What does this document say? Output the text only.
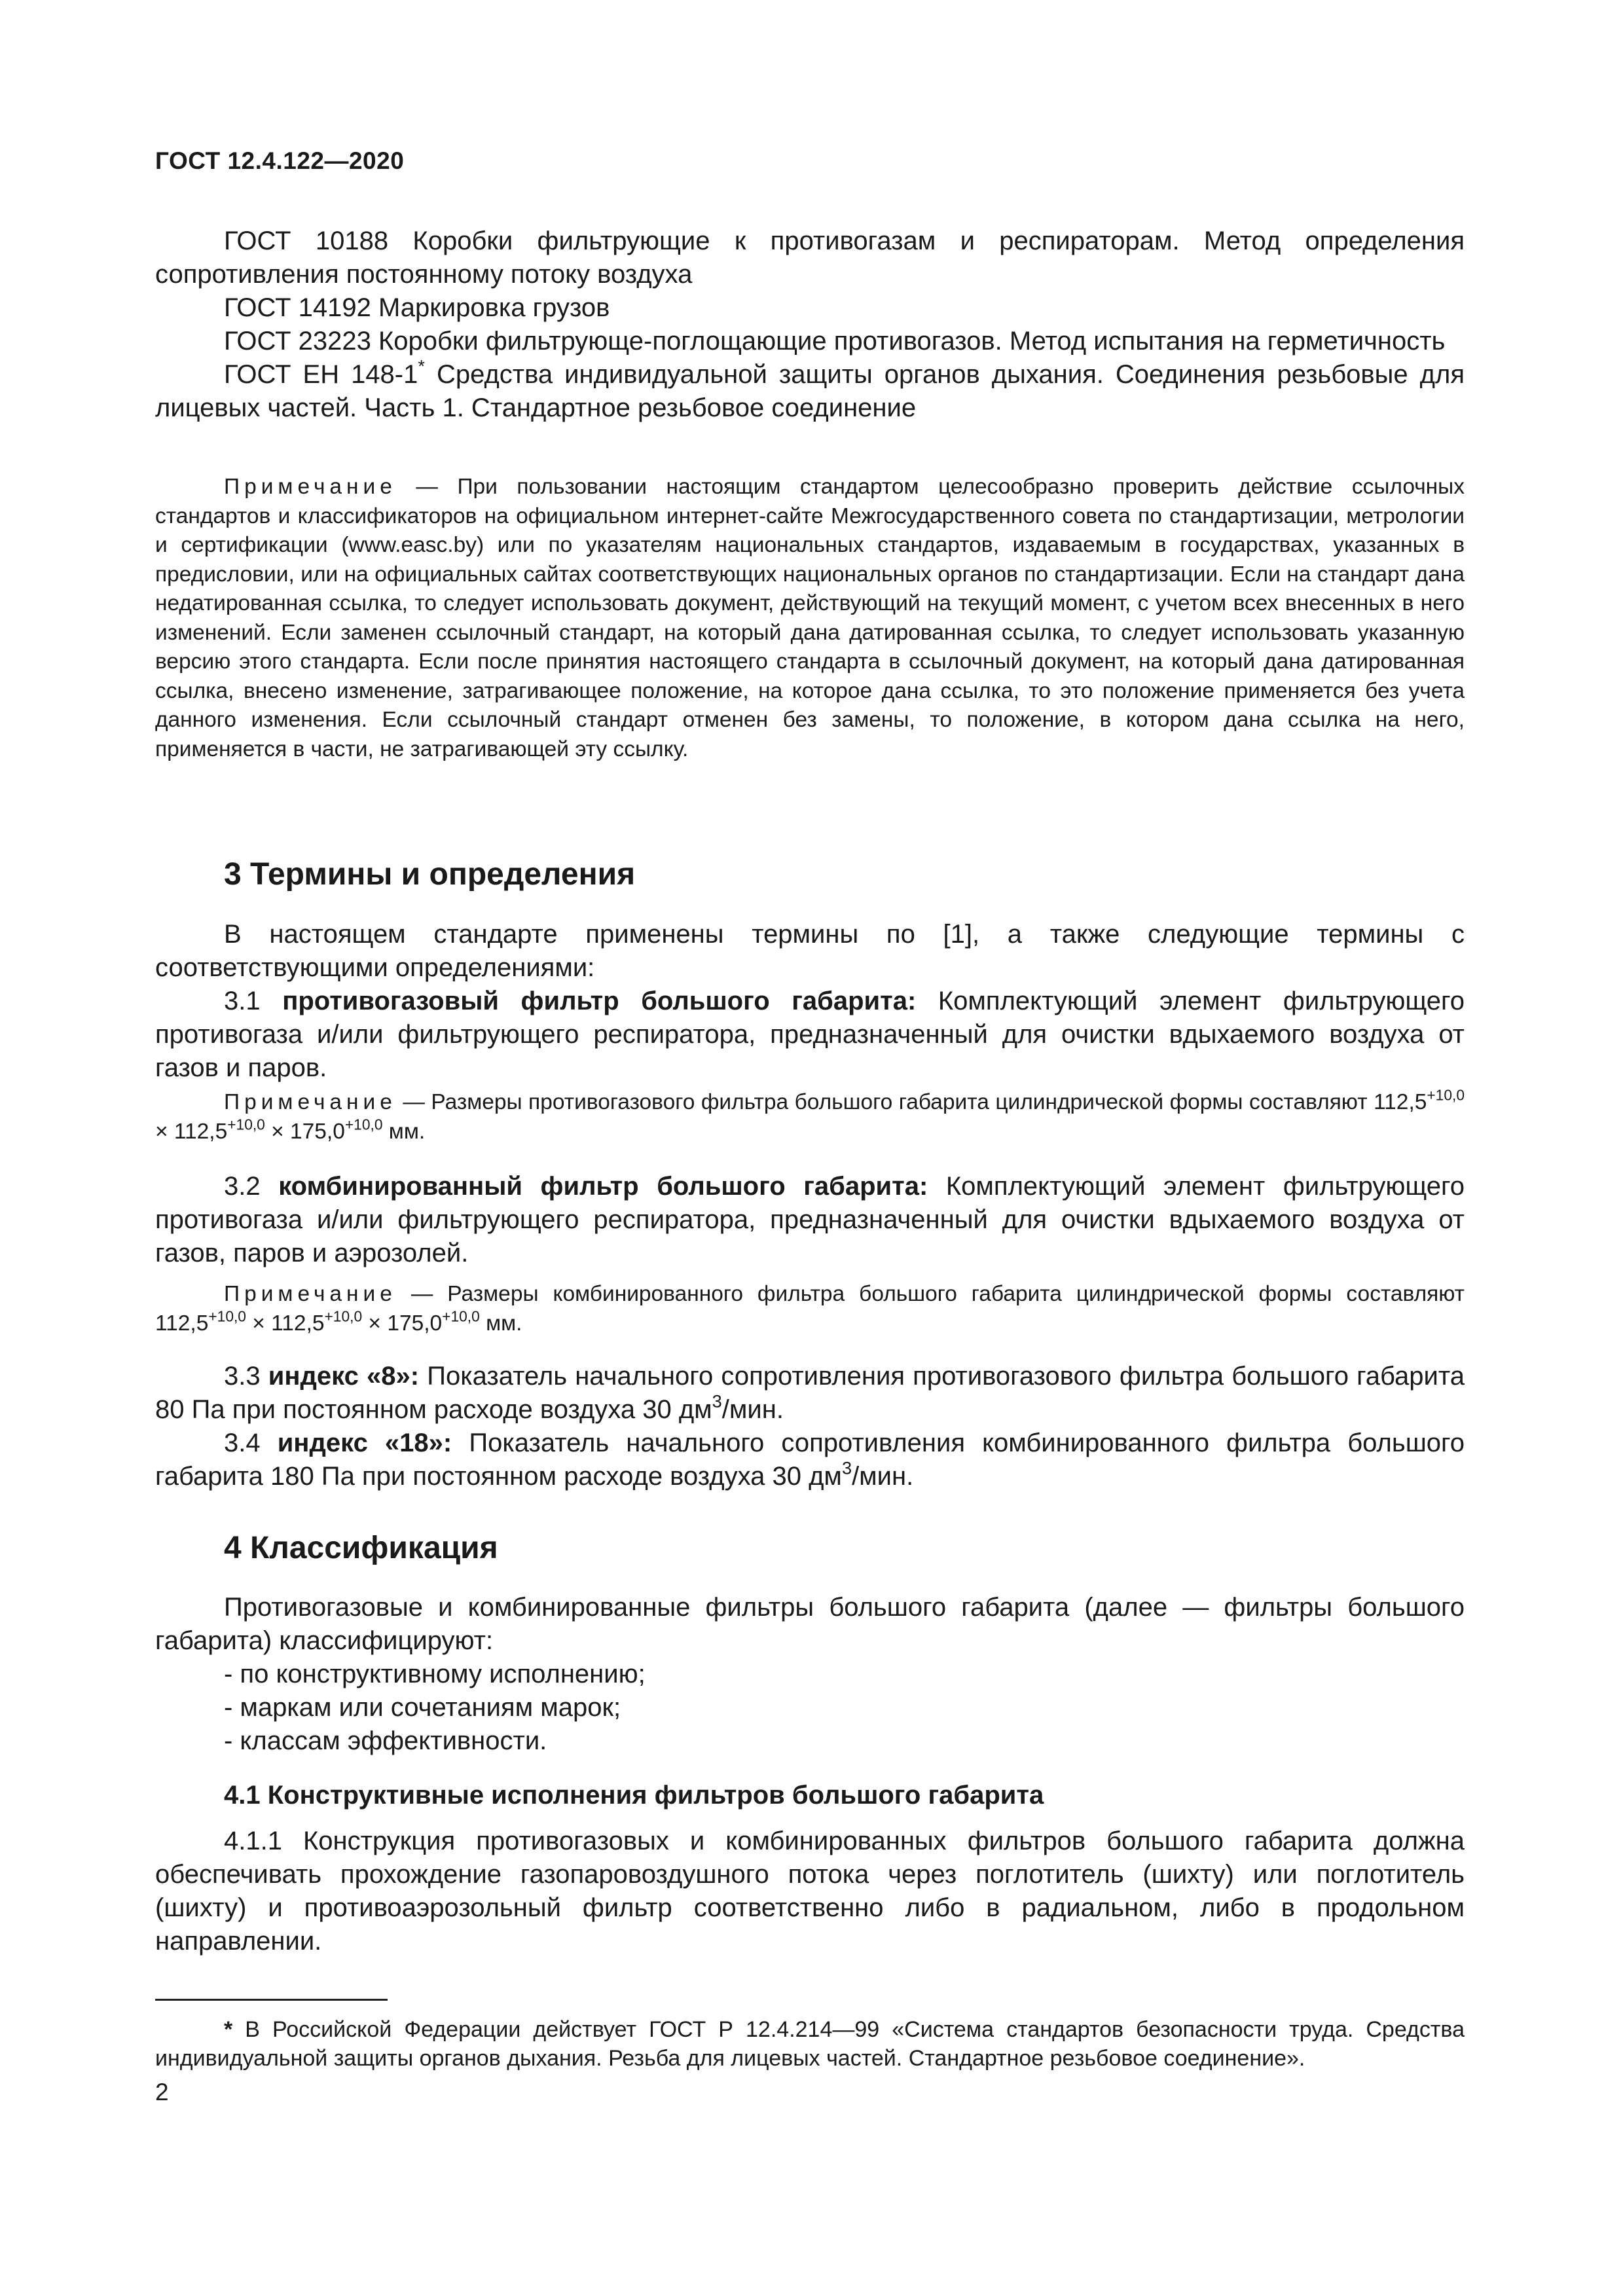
ГОСТ 12.4.122—2020

ГОСТ 10188 Коробки фильтрующие к противогазам и респираторам. Метод определения сопротивления постоянному потоку воздуха

ГОСТ 14192 Маркировка грузов

ГОСТ 23223 Коробки фильтрующе-поглощающие противогазов. Метод испытания на герметичность

ГОСТ EH 148-1* Средства индивидуальной защиты органов дыхания. Соединения резьбовые для лицевых частей. Часть 1. Стандартное резьбовое соединение

Примечание — При пользовании настоящим стандартом целесообразно проверить действие ссылочных стандартов и классификаторов на официальном интернет-сайте Межгосударственного совета по стандартизации, метрологии и сертификации (www.easc.by) или по указателям национальных стандартов, издаваемым в государствах, указанных в предисловии, или на официальных сайтах соответствующих национальных органов по стандартизации. Если на стандарт дана недатированная ссылка, то следует использовать документ, действующий на текущий момент, с учетом всех внесенных в него изменений. Если заменен ссылочный стандарт, на который дана датированная ссылка, то следует использовать указанную версию этого стандарта. Если после принятия настоящего стандарта в ссылочный документ, на который дана датированная ссылка, внесено изменение, затрагивающее положение, на которое дана ссылка, то это положение применяется без учета данного изменения. Если ссылочный стандарт отменен без замены, то положение, в котором дана ссылка на него, применяется в части, не затрагивающей эту ссылку.

3 Термины и определения

В настоящем стандарте применены термины по [1], а также следующие термины с соответствующими определениями:

3.1 противогазовый фильтр большого габарита: Комплектующий элемент фильтрующего противогаза и/или фильтрующего респиратора, предназначенный для очистки вдыхаемого воздуха от газов и паров.

Примечание — Размеры противогазового фильтра большого габарита цилиндрической формы составляют $112,5^{+10,0} \times 112,5^{+10,0} \times 175,0^{+10,0}$ мм.

3.2 комбинированный фильтр большого габарита: Комплектующий элемент фильтрующего противогаза и/или фильтрующего респиратора, предназначенный для очистки вдыхаемого воздуха от газов, паров и аэрозолей.

Примечание — Размеры комбинированного фильтра большого габарита цилиндрической формы составляют $112,5^{+10,0} \times 112,5^{+10,0} \times 175,0^{+10,0}$ мм.

3.3 индекс «8»: Показатель начального сопротивления противогазового фильтра большого габарита 80 Па при постоянном расходе воздуха 30 $дм^3$/мин.

3.4 индекс «18»: Показатель начального сопротивления комбинированного фильтра большого габарита 180 Па при постоянном расходе воздуха 30 $дм^3$/мин.

4 Классификация

Противогазовые и комбинированные фильтры большого габарита (далее — фильтры большого габарита) классифицируют:

- по конструктивному исполнению;

- маркам или сочетаниям марок;

- классам эффективности.

4.1 Конструктивные исполнения фильтров большого габарита

4.1.1 Конструкция противогазовых и комбинированных фильтров большого габарита должна обеспечивать прохождение газопаровоздушного потока через поглотитель (шихту) или поглотитель (шихту) и противоаэрозольный фильтр соответственно либо в радиальном, либо в продольном направлении.

* В Российской Федерации действует ГОСТ Р 12.4.214—99 «Система стандартов безопасности труда. Средства индивидуальной защиты органов дыхания. Резьба для лицевых частей. Стандартное резьбовое соединение».

2
